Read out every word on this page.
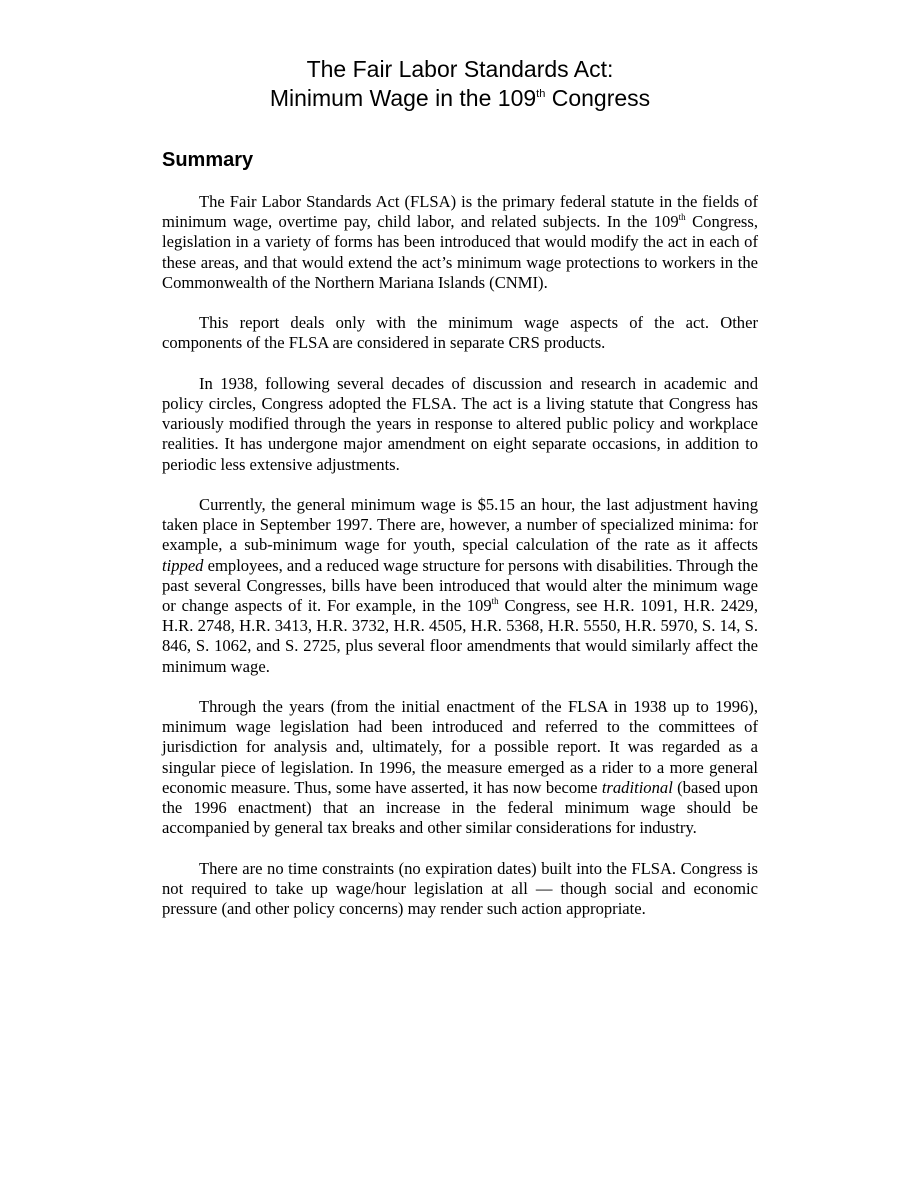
The Fair Labor Standards Act:
Minimum Wage in the 109th Congress
Summary

The Fair Labor Standards Act (FLSA) is the primary federal statute in the fields of minimum wage, overtime pay, child labor, and related subjects. In the 109th Congress, legislation in a variety of forms has been introduced that would modify the act in each of these areas, and that would extend the act’s minimum wage protections to workers in the Commonwealth of the Northern Mariana Islands (CNMI).

This report deals only with the minimum wage aspects of the act. Other components of the FLSA are considered in separate CRS products.

In 1938, following several decades of discussion and research in academic and policy circles, Congress adopted the FLSA. The act is a living statute that Congress has variously modified through the years in response to altered public policy and workplace realities. It has undergone major amendment on eight separate occasions, in addition to periodic less extensive adjustments.

Currently, the general minimum wage is $5.15 an hour, the last adjustment having taken place in September 1997. There are, however, a number of specialized minima: for example, a sub-minimum wage for youth, special calculation of the rate as it affects tipped employees, and a reduced wage structure for persons with disabilities. Through the past several Congresses, bills have been introduced that would alter the minimum wage or change aspects of it. For example, in the 109th Congress, see H.R. 1091, H.R. 2429, H.R. 2748, H.R. 3413, H.R. 3732, H.R. 4505, H.R. 5368, H.R. 5550, H.R. 5970, S. 14, S. 846, S. 1062, and S. 2725, plus several floor amendments that would similarly affect the minimum wage.

Through the years (from the initial enactment of the FLSA in 1938 up to 1996), minimum wage legislation had been introduced and referred to the committees of jurisdiction for analysis and, ultimately, for a possible report. It was regarded as a singular piece of legislation. In 1996, the measure emerged as a rider to a more general economic measure. Thus, some have asserted, it has now become traditional (based upon the 1996 enactment) that an increase in the federal minimum wage should be accompanied by general tax breaks and other similar considerations for industry.

There are no time constraints (no expiration dates) built into the FLSA. Congress is not required to take up wage/hour legislation at all — though social and economic pressure (and other policy concerns) may render such action appropriate.
